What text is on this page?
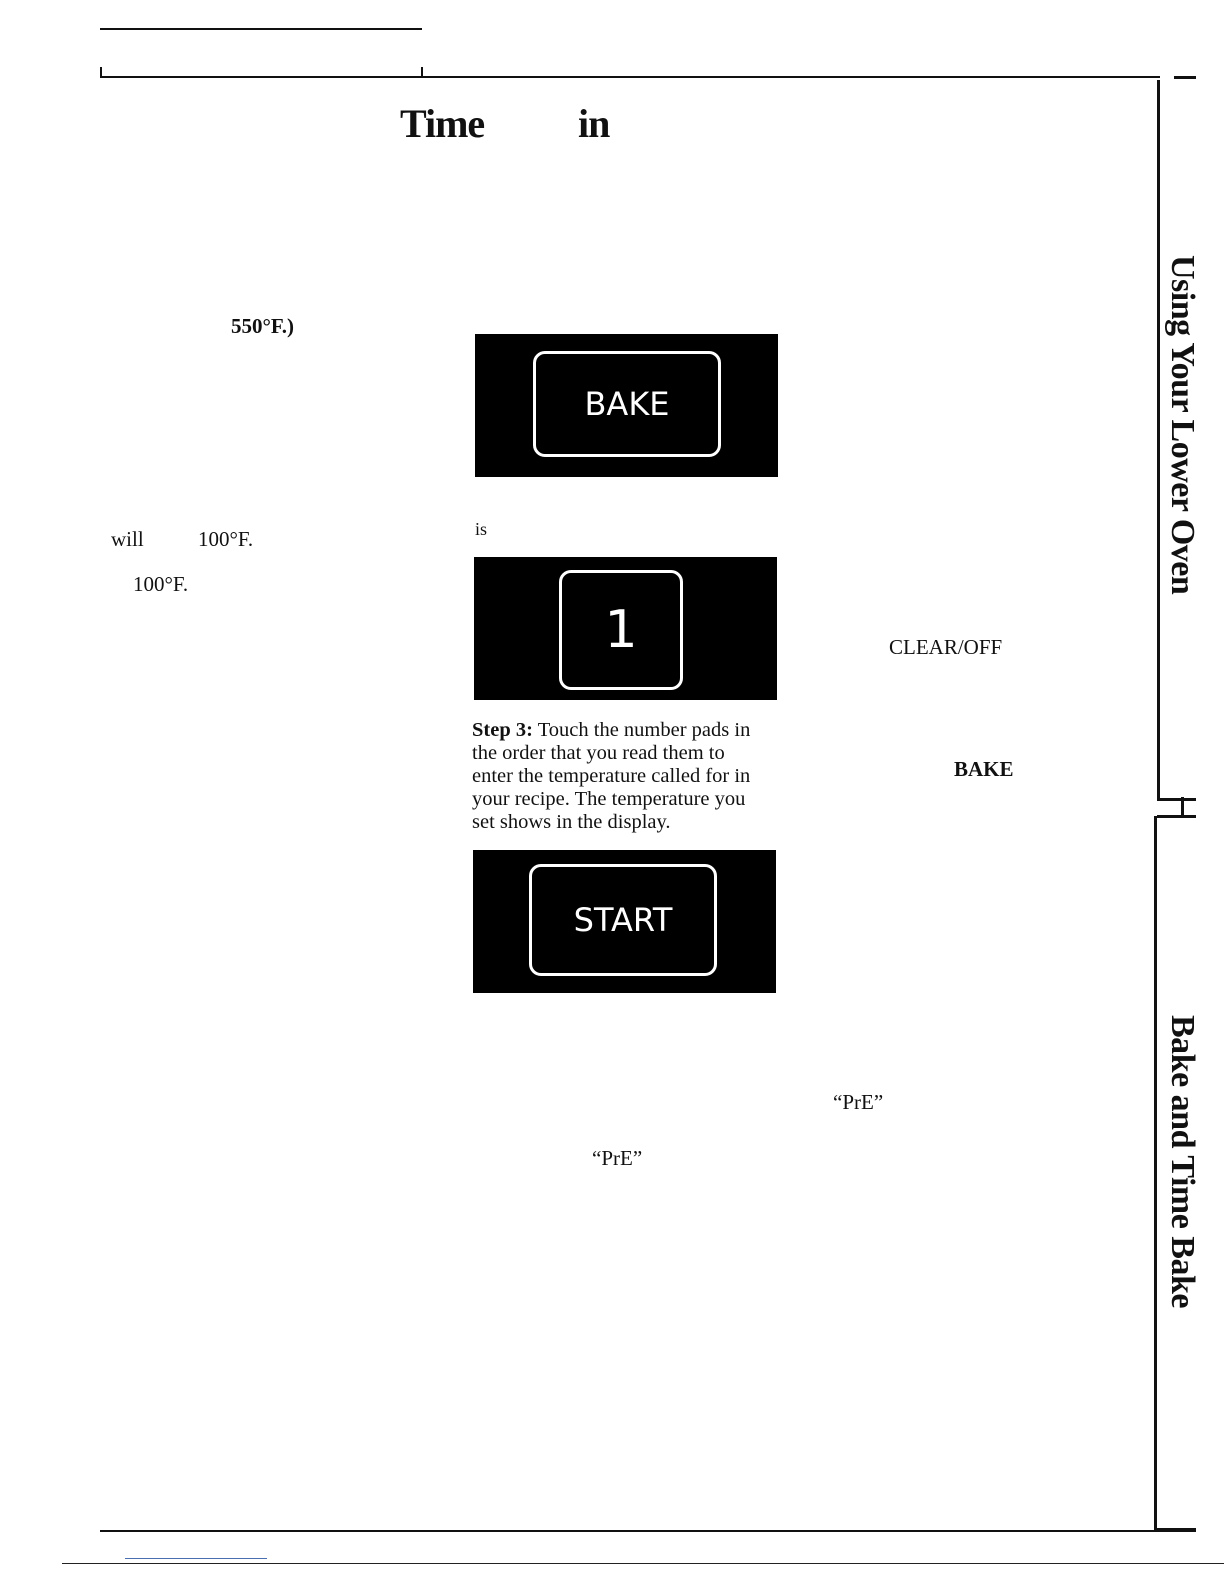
Time in
550°F.)
will	100°F.
100°F.
BAKE
is
1

Step 3: Touch the number pads in

the order that you read them to

enter the temperature called for in

your recipe. The temperature you

set shows in the display.

START
“PrE”
CLEAR/OFF
BAKE
“PrE”
Using Your Lower Oven
Bake and Time Bake
